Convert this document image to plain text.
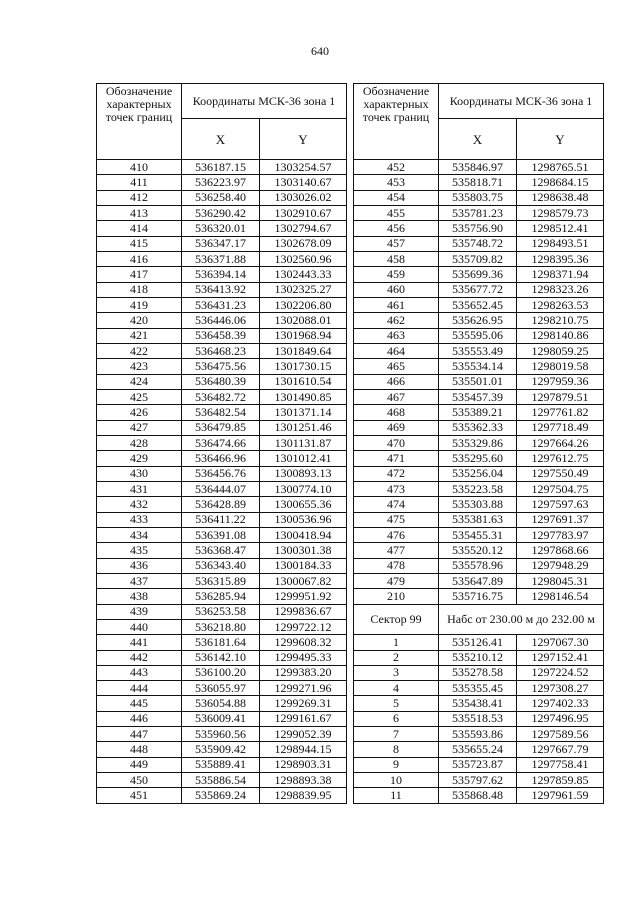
640
Обозначение характерных точек границ	Координаты МСК-36 зона 1			Обозначение характерных точек границ	Координаты МСК-36 зона 1	
	X	Y			X	Y
410	536187.15	1303254.57		452	535846.97	1298765.51
411	536223.97	1303140.67		453	535818.71	1298684.15
412	536258.40	1303026.02		454	535803.75	1298638.48
413	536290.42	1302910.67		455	535781.23	1298579.73
414	536320.01	1302794.67		456	535756.90	1298512.41
415	536347.17	1302678.09		457	535748.72	1298493.51
416	536371.88	1302560.96		458	535709.82	1298395.36
417	536394.14	1302443.33		459	535699.36	1298371.94
418	536413.92	1302325.27		460	535677.72	1298323.26
419	536431.23	1302206.80		461	535652.45	1298263.53
420	536446.06	1302088.01		462	535626.95	1298210.75
421	536458.39	1301968.94		463	535595.06	1298140.86
422	536468.23	1301849.64		464	535553.49	1298059.25
423	536475.56	1301730.15		465	535534.14	1298019.58
424	536480.39	1301610.54		466	535501.01	1297959.36
425	536482.72	1301490.85		467	535457.39	1297879.51
426	536482.54	1301371.14		468	535389.21	1297761.82
427	536479.85	1301251.46		469	535362.33	1297718.49
428	536474.66	1301131.87		470	535329.86	1297664.26
429	536466.96	1301012.41		471	535295.60	1297612.75
430	536456.76	1300893.13		472	535256.04	1297550.49
431	536444.07	1300774.10		473	535223.58	1297504.75
432	536428.89	1300655.36		474	535303.88	1297597.63
433	536411.22	1300536.96		475	535381.63	1297691.37
434	536391.08	1300418.94		476	535455.31	1297783.97
435	536368.47	1300301.38		477	535520.12	1297868.66
436	536343.40	1300184.33		478	535578.96	1297948.29
437	536315.89	1300067.82		479	535647.89	1298045.31
438	536285.94	1299951.92		210	535716.75	1298146.54
439	536253.58	1299836.67		Сектор 99	Набс от 230.00 м до 232.00 м	
440	536218.80	1299722.12				
441	536181.64	1299608.32		1	535126.41	1297067.30
442	536142.10	1299495.33		2	535210.12	1297152.41
443	536100.20	1299383.20		3	535278.58	1297224.52
444	536055.97	1299271.96		4	535355.45	1297308.27
445	536054.88	1299269.31		5	535438.41	1297402.33
446	536009.41	1299161.67		6	535518.53	1297496.95
447	535960.56	1299052.39		7	535593.86	1297589.56
448	535909.42	1298944.15		8	535655.24	1297667.79
449	535889.41	1298903.31		9	535723.87	1297758.41
450	535886.54	1298893.38		10	535797.62	1297859.85
451	535869.24	1298839.95		11	535868.48	1297961.59
